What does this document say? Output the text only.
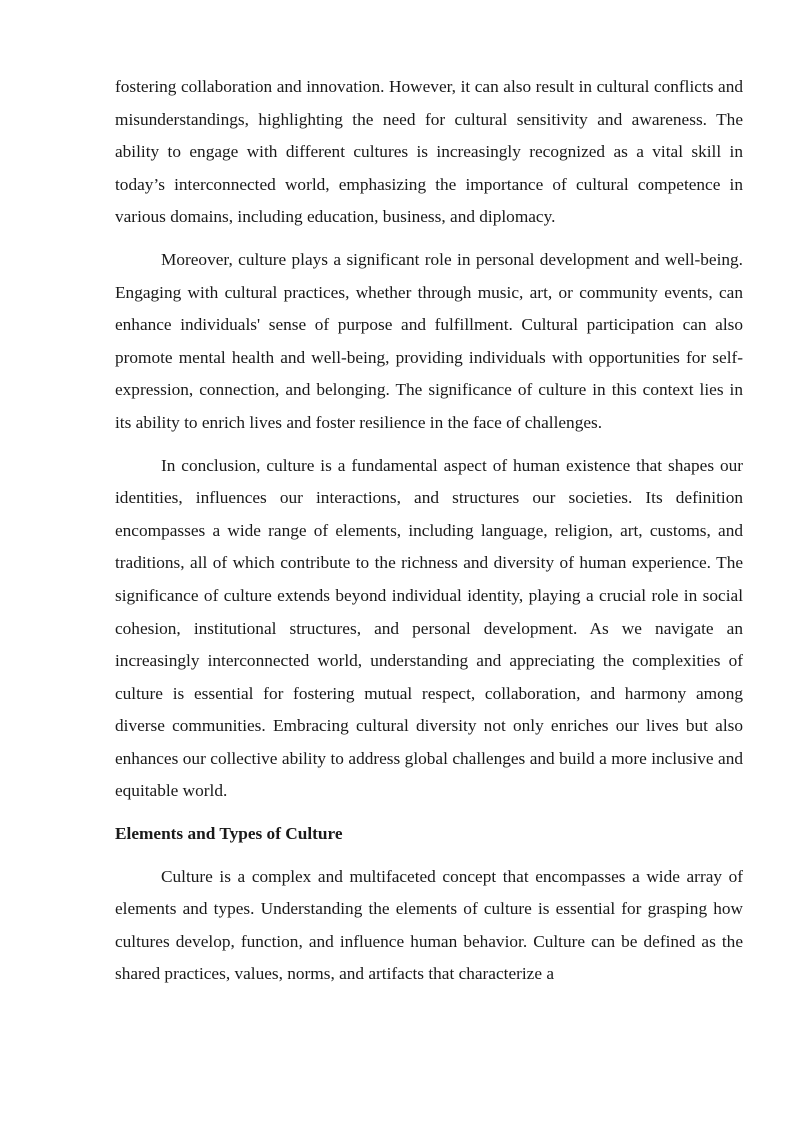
fostering collaboration and innovation. However, it can also result in cultural conflicts and misunderstandings, highlighting the need for cultural sensitivity and awareness. The ability to engage with different cultures is increasingly recognized as a vital skill in today’s interconnected world, emphasizing the importance of cultural competence in various domains, including education, business, and diplomacy.

Moreover, culture plays a significant role in personal development and well-being. Engaging with cultural practices, whether through music, art, or community events, can enhance individuals' sense of purpose and fulfillment. Cultural participation can also promote mental health and well-being, providing individuals with opportunities for self-expression, connection, and belonging. The significance of culture in this context lies in its ability to enrich lives and foster resilience in the face of challenges.

In conclusion, culture is a fundamental aspect of human existence that shapes our identities, influences our interactions, and structures our societies. Its definition encompasses a wide range of elements, including language, religion, art, customs, and traditions, all of which contribute to the richness and diversity of human experience. The significance of culture extends beyond individual identity, playing a crucial role in social cohesion, institutional structures, and personal development. As we navigate an increasingly interconnected world, understanding and appreciating the complexities of culture is essential for fostering mutual respect, collaboration, and harmony among diverse communities. Embracing cultural diversity not only enriches our lives but also enhances our collective ability to address global challenges and build a more inclusive and equitable world.

Elements and Types of Culture

Culture is a complex and multifaceted concept that encompasses a wide array of elements and types. Understanding the elements of culture is essential for grasping how cultures develop, function, and influence human behavior. Culture can be defined as the shared practices, values, norms, and artifacts that characterize a
